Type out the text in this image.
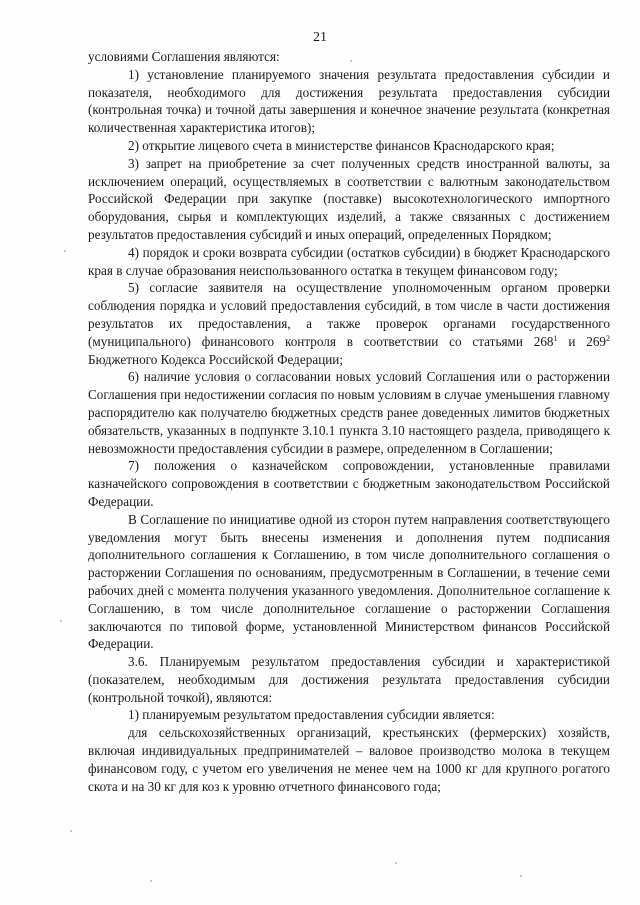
21

условиями Соглашения являются:

1) установление планируемого значения результата предоставления субсидии и показателя, необходимого для достижения результата предоставления субсидии (контрольная точка) и точной даты завершения и конечное значение результата (конкретная количественная характеристика итогов);

2) открытие лицевого счета в министерстве финансов Краснодарского края;

3) запрет на приобретение за счет полученных средств иностранной валюты, за исключением операций, осуществляемых в соответствии с валютным законодательством Российской Федерации при закупке (поставке) высокотехнологического импортного оборудования, сырья и комплектующих изделий, а также связанных с достижением результатов предоставления субсидий и иных операций, определенных Порядком;

4) порядок и сроки возврата субсидии (остатков субсидии) в бюджет Краснодарского края в случае образования неиспользованного остатка в текущем финансовом году;

5) согласие заявителя на осуществление уполномоченным органом проверки соблюдения порядка и условий предоставления субсидий, в том числе в части достижения результатов их предоставления, а также проверок органами государственного (муниципального) финансового контроля в соответствии со статьями $268^1$ и $269^2$ Бюджетного Кодекса Российской Федерации;

6) наличие условия о согласовании новых условий Соглашения или о расторжении Соглашения при недостижении согласия по новым условиям в случае уменьшения главному распорядителю как получателю бюджетных средств ранее доведенных лимитов бюджетных обязательств, указанных в подпункте 3.10.1 пункта 3.10 настоящего раздела, приводящего к невозможности предоставления субсидии в размере, определенном в Соглашении;

7) положения о казначейском сопровождении, установленные правилами казначейского сопровождения в соответствии с бюджетным законодательством Российской Федерации.

В Соглашение по инициативе одной из сторон путем направления соответствующего уведомления могут быть внесены изменения и дополнения путем подписания дополнительного соглашения к Соглашению, в том числе дополнительного соглашения о расторжении Соглашения по основаниям, предусмотренным в Соглашении, в течение семи рабочих дней с момента получения указанного уведомления. Дополнительное соглашение к Соглашению, в том числе дополнительное соглашение о расторжении Соглашения заключаются по типовой форме, установленной Министерством финансов Российской Федерации.

3.6. Планируемым результатом предоставления субсидии и характеристикой (показателем, необходимым для достижения результата предоставления субсидии (контрольной точкой), являются:

1) планируемым результатом предоставления субсидии является:

для сельскохозяйственных организаций, крестьянских (фермерских) хозяйств, включая индивидуальных предпринимателей – валовое производство молока в текущем финансовом году, с учетом его увеличения не менее чем на 1000 кг для крупного рогатого скота и на 30 кг для коз к уровню отчетного финансового года;
